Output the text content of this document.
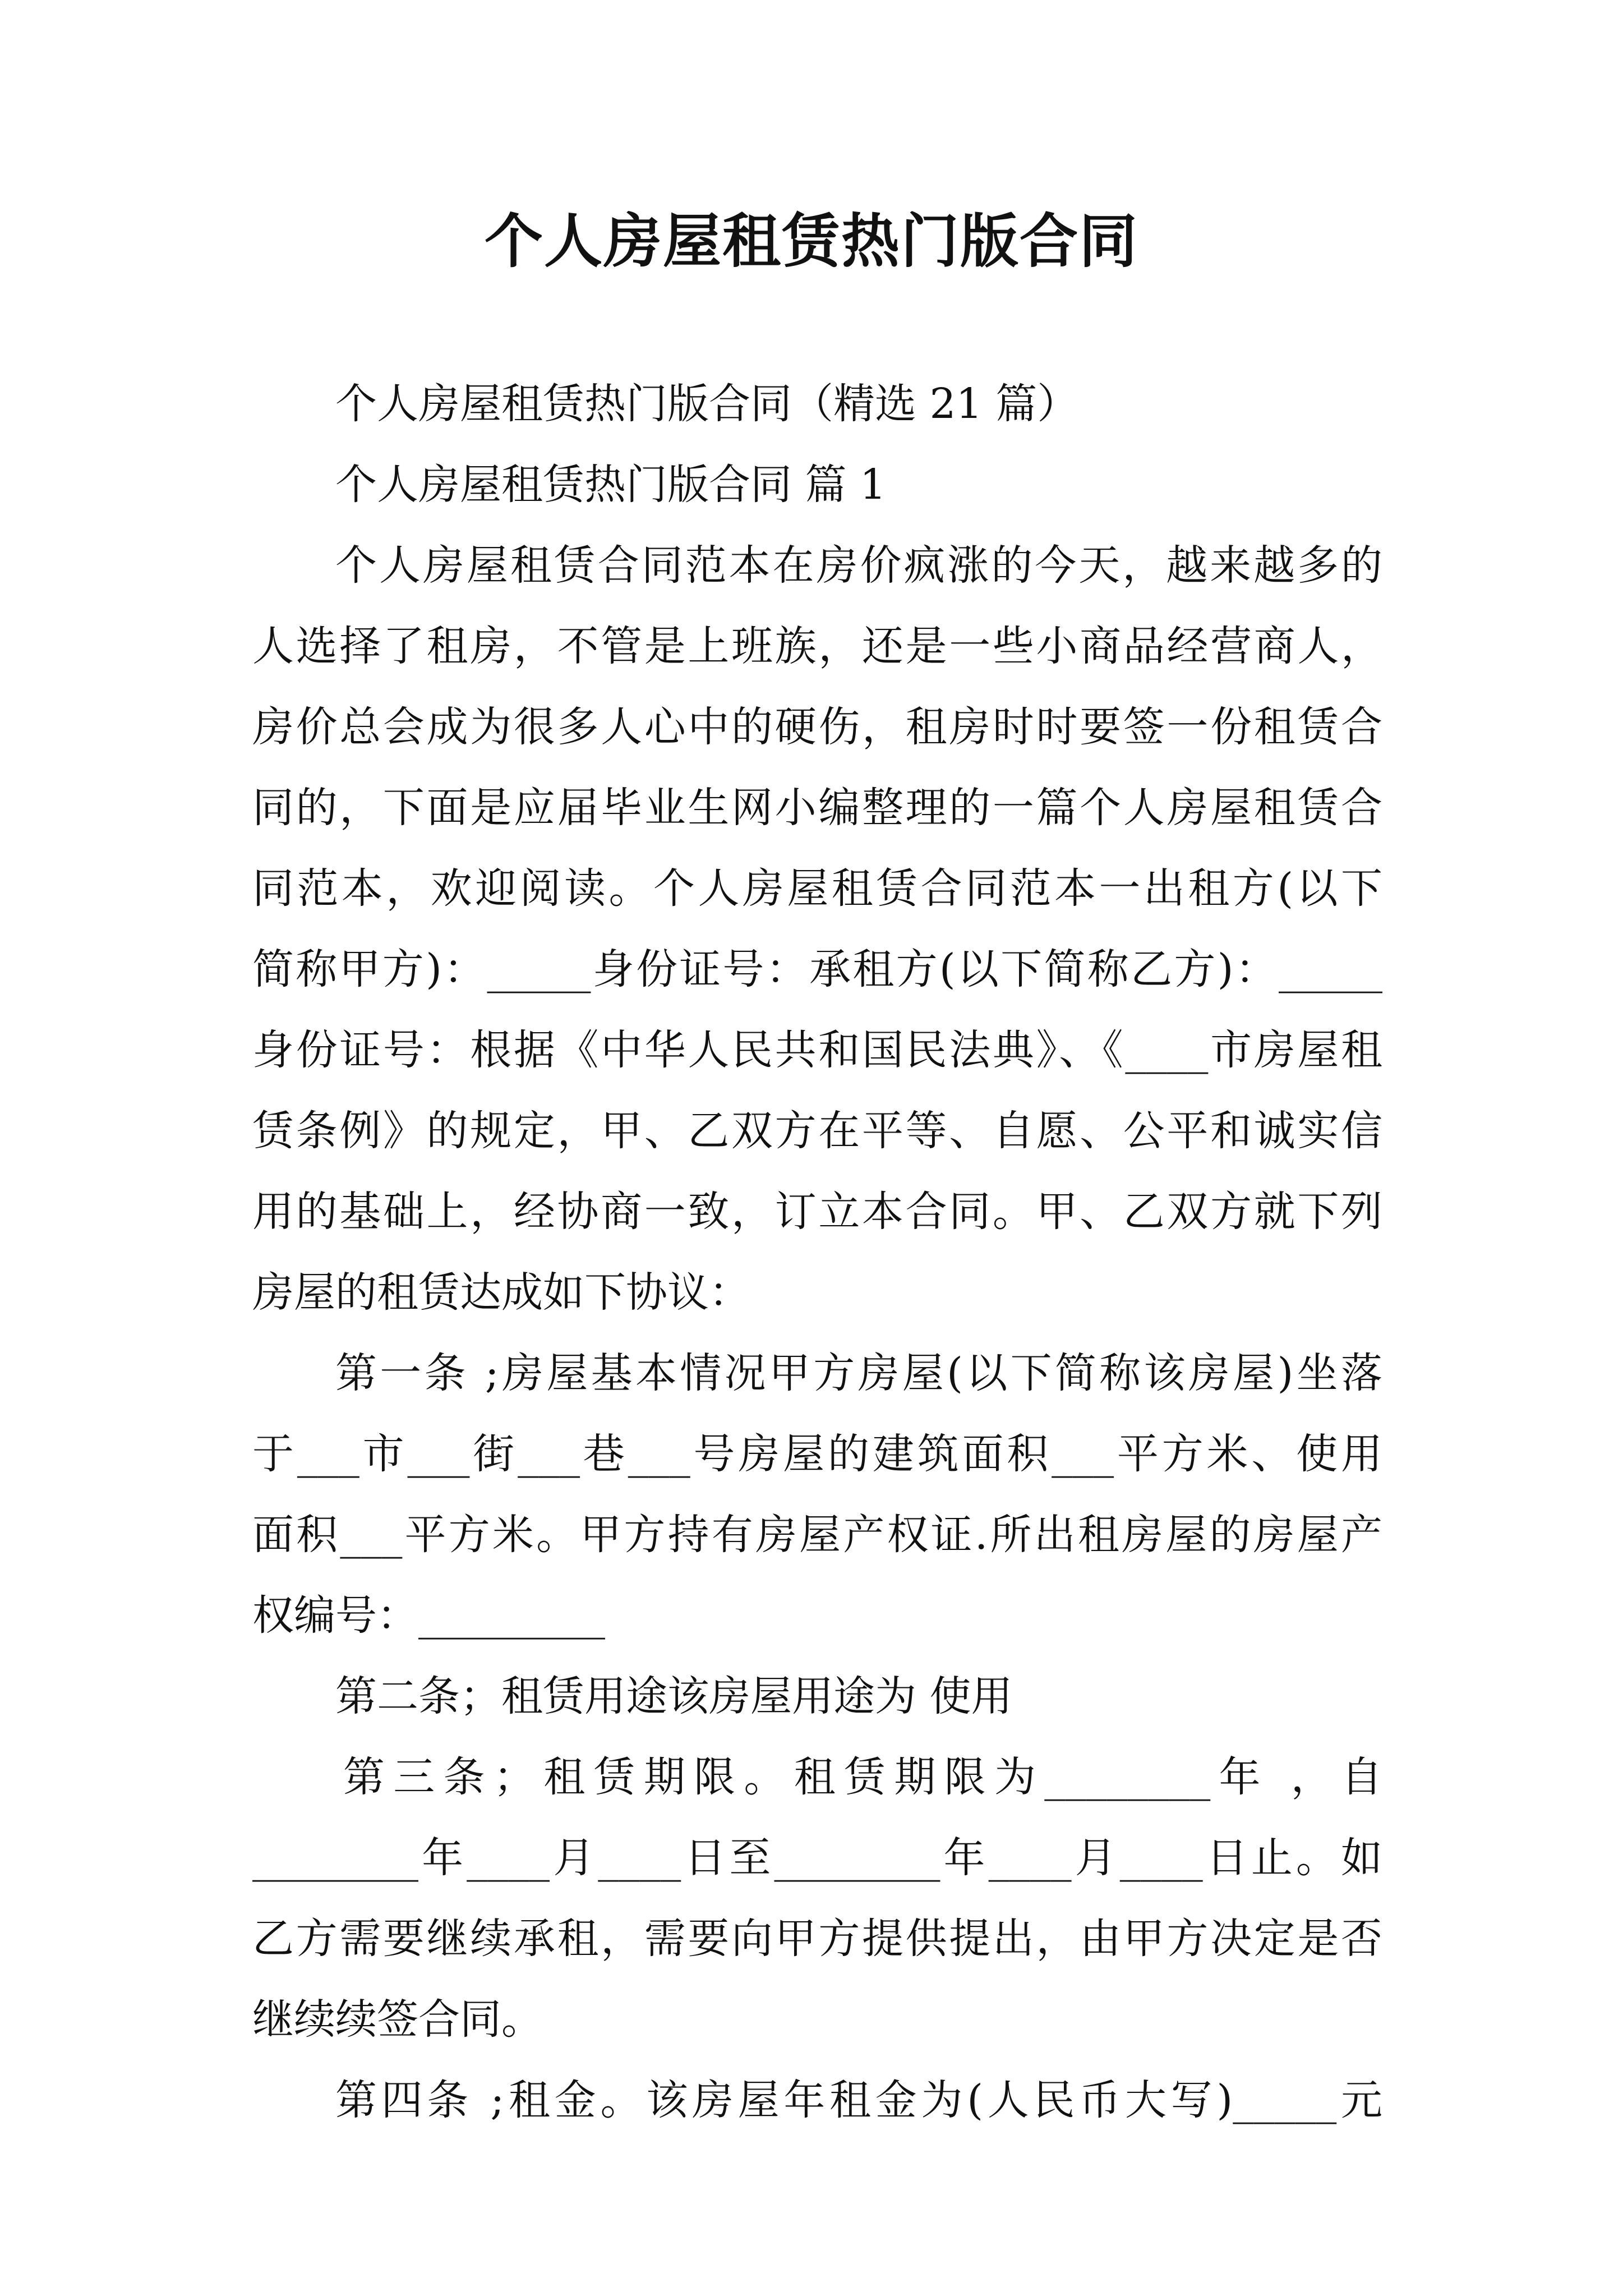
个人房屋租赁热门版合同
个人房屋租赁热门版合同（精选 21 篇）
个人房屋租赁热门版合同 篇 1
个人房屋租赁合同范本在房价疯涨的今天，越来越多的
人选择了租房，不管是上班族，还是一些小商品经营商人，
房价总会成为很多人心中的硬伤，租房时时要签一份租赁合
同的，下面是应届毕业生网小编整理的一篇个人房屋租赁合
同范本，欢迎阅读。个人房屋租赁合同范本一出租方(以下
简称甲方)：_____身份证号：承租方(以下简称乙方)：_____
身份证号：根据《中华人民共和国民法典》、《____市房屋租
赁条例》的规定，甲、乙双方在平等、自愿、公平和诚实信
用的基础上，经协商一致，订立本合同。甲、乙双方就下列
房屋的租赁达成如下协议：
第一条 ;房屋基本情况甲方房屋(以下简称该房屋)坐落
于___市___街___巷___号房屋的建筑面积___平方米、使用
面积___平方米。甲方持有房屋产权证.所出租房屋的房屋产
权编号：_________
第二条；租赁用途该房屋用途为 使用
第三条；租赁期限。租赁期限为________年 ，自
________年____月____日至________年____月____日止。如
乙方需要继续承租，需要向甲方提供提出，由甲方决定是否
继续续签合同。
第四条 ;租金。该房屋年租金为(人民币大写)_____元
